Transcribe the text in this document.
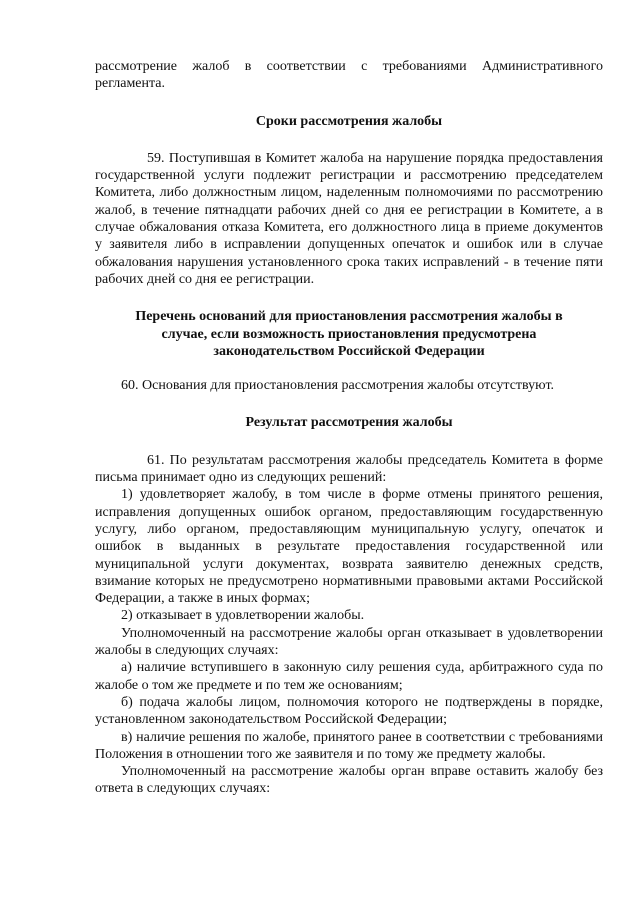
рассмотрение жалоб в соответствии с требованиями Административного регламента.

Сроки рассмотрения жалобы

59. Поступившая в Комитет жалоба на нарушение порядка предоставления государственной услуги подлежит регистрации и рассмотрению председателем Комитета, либо должностным лицом, наделенным полномочиями по рассмотрению жалоб, в течение пятнадцати рабочих дней со дня ее регистрации в Комитете, а в случае обжалования отказа Комитета, его должностного лица в приеме документов у заявителя либо в исправлении допущенных опечаток и ошибок или в случае обжалования нарушения установленного срока таких исправлений - в течение пяти рабочих дней со дня ее регистрации.

Перечень оснований для приостановления рассмотрения жалобы в

случае, если возможность приостановления предусмотрена

законодательством Российской Федерации

60. Основания для приостановления рассмотрения жалобы отсутствуют.

Результат рассмотрения жалобы

61. По результатам рассмотрения жалобы председатель Комитета в форме письма принимает одно из следующих решений:

1) удовлетворяет жалобу, в том числе в форме отмены принятого решения, исправления допущенных ошибок органом, предоставляющим государственную услугу, либо органом, предоставляющим муниципальную услугу, опечаток и ошибок в выданных в результате предоставления государственной или муниципальной услуги документах, возврата заявителю денежных средств, взимание которых не предусмотрено нормативными правовыми актами Российской Федерации, а также в иных формах;

2) отказывает в удовлетворении жалобы.

Уполномоченный на рассмотрение жалобы орган отказывает в удовлетворении жалобы в следующих случаях:

а) наличие вступившего в законную силу решения суда, арбитражного суда по жалобе о том же предмете и по тем же основаниям;

б) подача жалобы лицом, полномочия которого не подтверждены в порядке, установленном законодательством Российской Федерации;

в) наличие решения по жалобе, принятого ранее в соответствии с требованиями Положения в отношении того же заявителя и по тому же предмету жалобы.

Уполномоченный на рассмотрение жалобы орган вправе оставить жалобу без ответа в следующих случаях:
